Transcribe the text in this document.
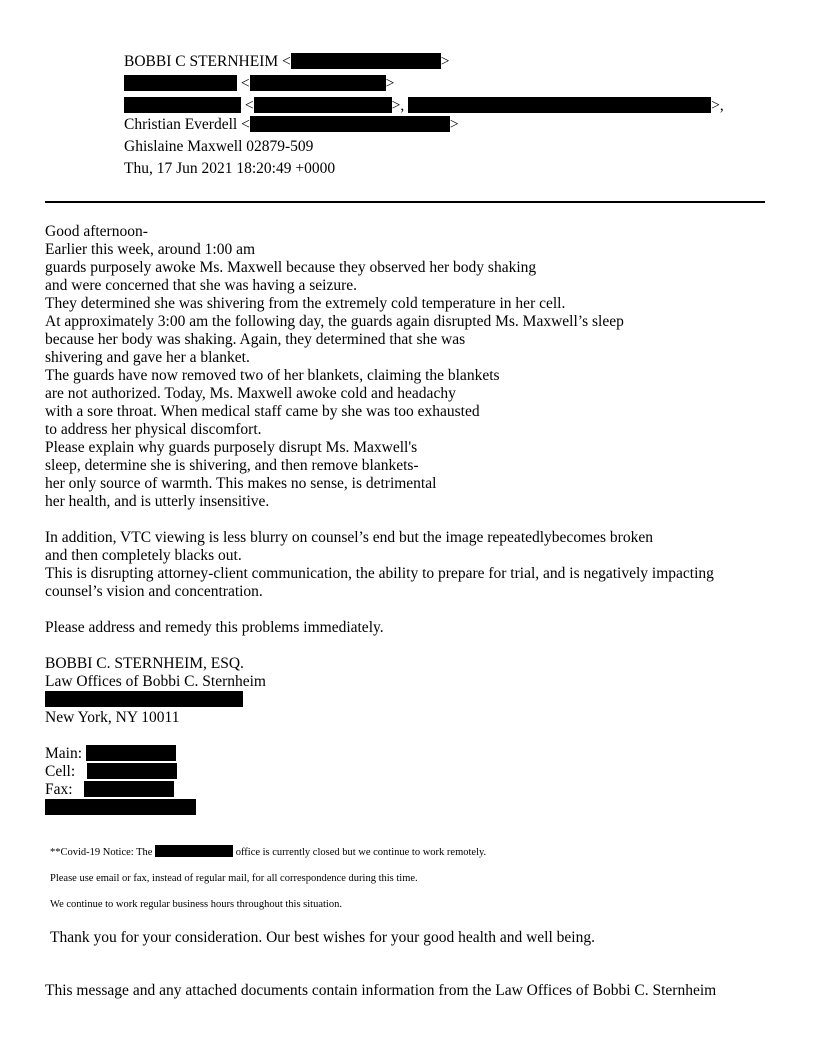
BOBBI C STERNHEIM <	>
<	>
<	>,	>,
Christian Everdell <	>
Ghislaine Maxwell 02879-509
Thu, 17 Jun 2021 18:20:49 +0000
Good afternoon-
Earlier this week, around 1:00 am
guards purposely awoke Ms. Maxwell because they observed her body shaking
and were concerned that she was having a seizure.
They determined she was shivering from the extremely cold temperature in her cell.
At approximately 3:00 am the following day, the guards again disrupted Ms. Maxwell’s sleep
because her body was shaking. Again, they determined that she was
shivering and gave her a blanket.
The guards have now removed two of her blankets, claiming the blankets
are not authorized. Today, Ms. Maxwell awoke cold and headachy
with a sore throat. When medical staff came by she was too exhausted
to address her physical discomfort.
Please explain why guards purposely disrupt Ms. Maxwell's
sleep, determine she is shivering, and then remove blankets-
her only source of warmth. This makes no sense, is detrimental
her health, and is utterly insensitive.
In addition, VTC viewing is less blurry on counsel’s end but the image repeatedlybecomes broken
and then completely blacks out.
This is disrupting attorney-client communication, the ability to prepare for trial, and is negatively impacting
counsel’s vision and concentration.
Please address and remedy this problems immediately.
BOBBI C. STERNHEIM, ESQ.
Law Offices of Bobbi C. Sternheim
New York, NY 10011
Main:
Cell:
Fax:
**Covid-19 Notice: The	office is currently closed but we continue to work remotely.
Please use email or fax, instead of regular mail, for all correspondence during this time.
We continue to work regular business hours throughout this situation.
Thank you for your consideration. Our best wishes for your good health and well being.
This message and any attached documents contain information from the Law Offices of Bobbi C. Sternheim
